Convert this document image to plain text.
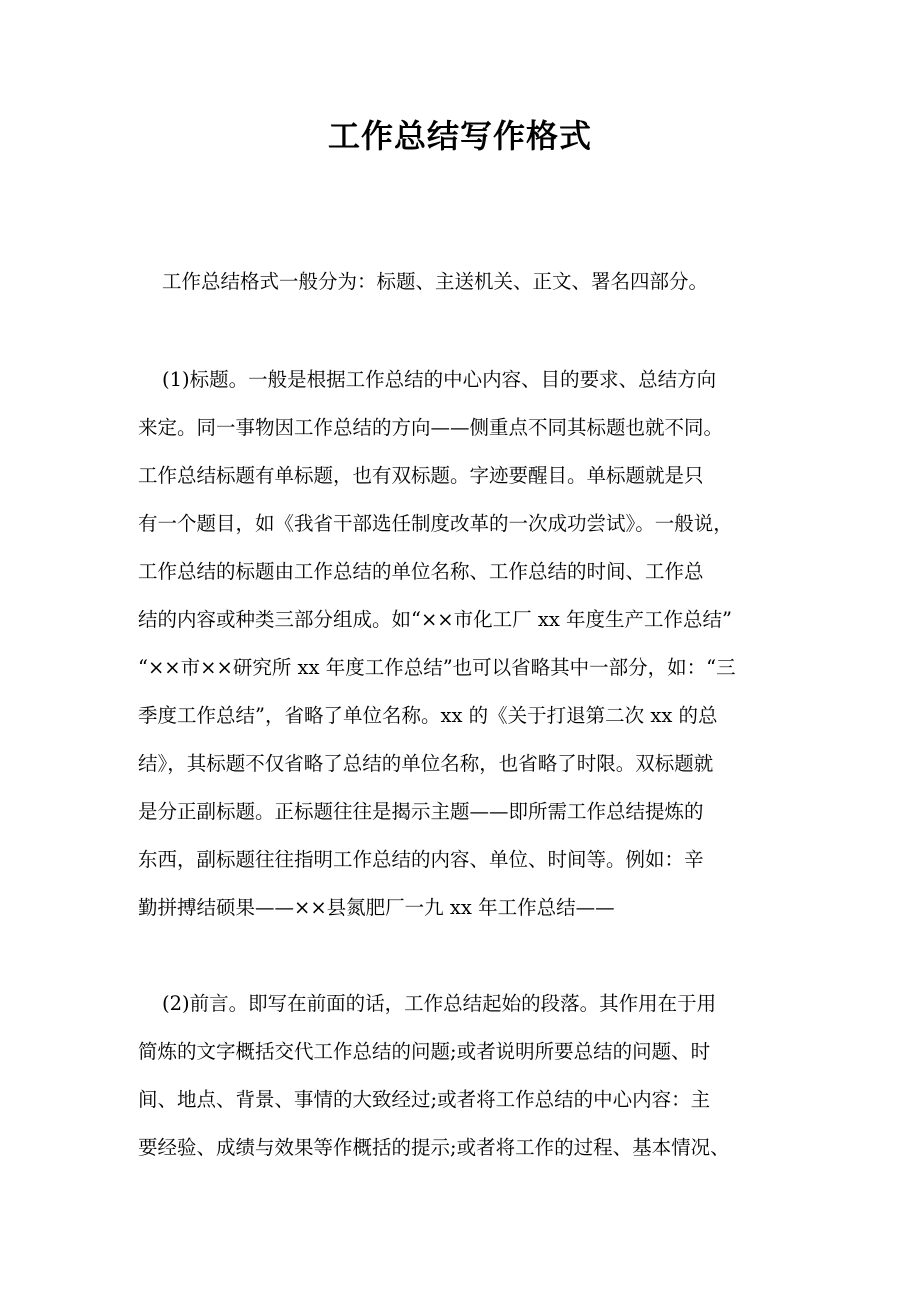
工作总结写作格式
工作总结格式一般分为：标题、主送机关、正文、署名四部分。
(1)标题。一般是根据工作总结的中心内容、目的要求、总结方向
来定。同一事物因工作总结的方向——侧重点不同其标题也就不同。
工作总结标题有单标题，也有双标题。字迹要醒目。单标题就是只
有一个题目，如《我省干部选任制度改革的一次成功尝试》。一般说，
工作总结的标题由工作总结的单位名称、工作总结的时间、工作总
结的内容或种类三部分组成。如“××市化工厂 xx 年度生产工作总结”
“××市××研究所 xx 年度工作总结”也可以省略其中一部分，如：“三
季度工作总结”，省略了单位名称。xx 的《关于打退第二次 xx 的总
结》，其标题不仅省略了总结的单位名称，也省略了时限。双标题就
是分正副标题。正标题往往是揭示主题——即所需工作总结提炼的
东西，副标题往往指明工作总结的内容、单位、时间等。例如：辛
勤拼搏结硕果——××县氮肥厂一九 xx 年工作总结——
(2)前言。即写在前面的话，工作总结起始的段落。其作用在于用
简炼的文字概括交代工作总结的问题;或者说明所要总结的问题、时
间、地点、背景、事情的大致经过;或者将工作总结的中心内容：主
要经验、成绩与效果等作概括的提示;或者将工作的过程、基本情况、
